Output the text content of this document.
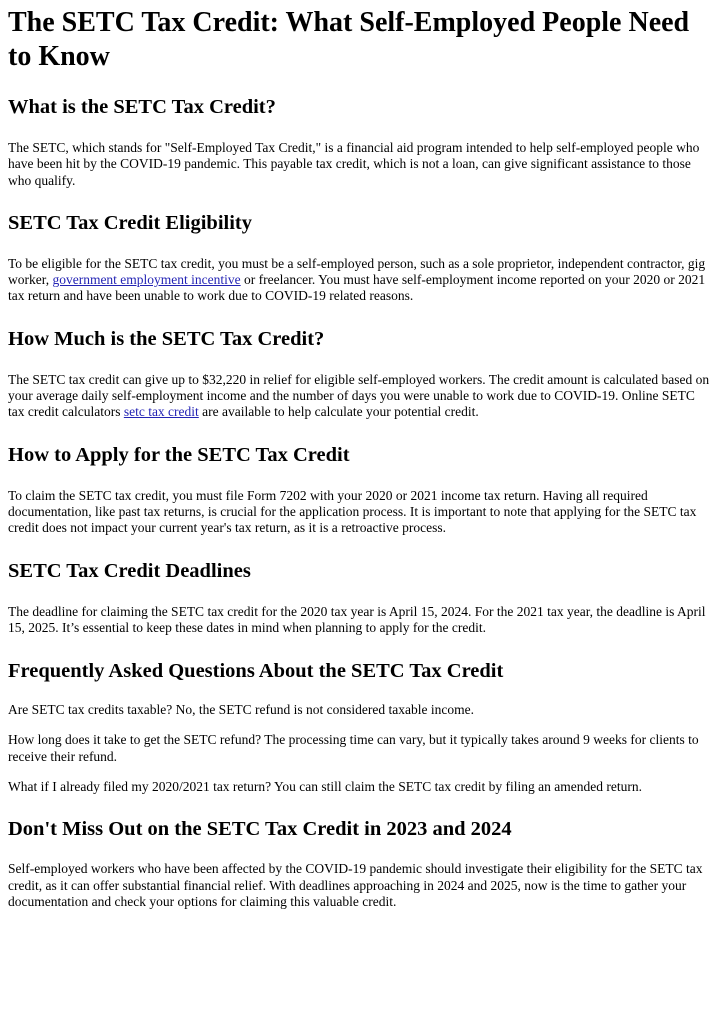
The SETC Tax Credit: What Self-Employed People Need to Know
What is the SETC Tax Credit?

The SETC, which stands for "Self-Employed Tax Credit," is a financial aid program intended to help self-employed people who have been hit by the COVID-19 pandemic. This payable tax credit, which is not a loan, can give significant assistance to those who qualify.

SETC Tax Credit Eligibility

To be eligible for the SETC tax credit, you must be a self-employed person, such as a sole proprietor, independent contractor, gig worker, government employment incentive or freelancer. You must have self-employment income reported on your 2020 or 2021 tax return and have been unable to work due to COVID-19 related reasons.

How Much is the SETC Tax Credit?

The SETC tax credit can give up to $32,220 in relief for eligible self-employed workers. The credit amount is calculated based on your average daily self-employment income and the number of days you were unable to work due to COVID-19. Online SETC tax credit calculators setc tax credit are available to help calculate your potential credit.

How to Apply for the SETC Tax Credit

To claim the SETC tax credit, you must file Form 7202 with your 2020 or 2021 income tax return. Having all required documentation, like past tax returns, is crucial for the application process. It is important to note that applying for the SETC tax credit does not impact your current year's tax return, as it is a retroactive process.

SETC Tax Credit Deadlines

The deadline for claiming the SETC tax credit for the 2020 tax year is April 15, 2024. For the 2021 tax year, the deadline is April 15, 2025. It’s essential to keep these dates in mind when planning to apply for the credit.

Frequently Asked Questions About the SETC Tax Credit

Are SETC tax credits taxable? No, the SETC refund is not considered taxable income.

How long does it take to get the SETC refund? The processing time can vary, but it typically takes around 9 weeks for clients to receive their refund.

What if I already filed my 2020/2021 tax return? You can still claim the SETC tax credit by filing an amended return.

Don't Miss Out on the SETC Tax Credit in 2023 and 2024

Self-employed workers who have been affected by the COVID-19 pandemic should investigate their eligibility for the SETC tax credit, as it can offer substantial financial relief. With deadlines approaching in 2024 and 2025, now is the time to gather your documentation and check your options for claiming this valuable credit.
